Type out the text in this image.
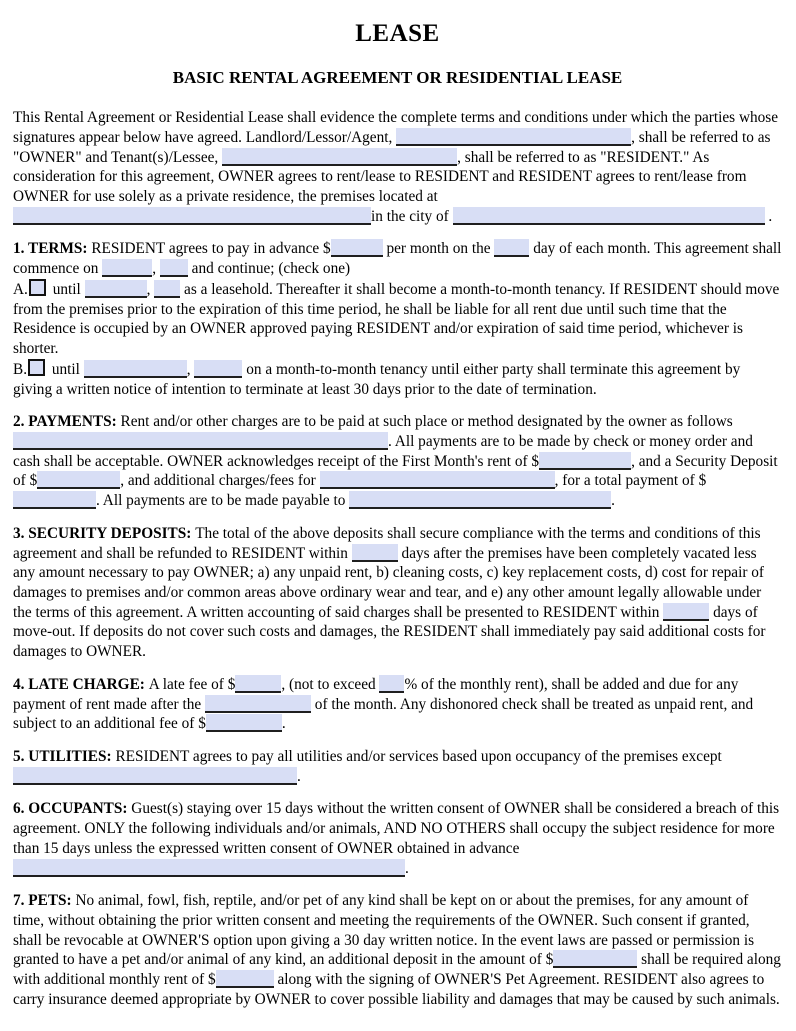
LEASE
BASIC RENTAL AGREEMENT OR RESIDENTIAL LEASE

This Rental Agreement or Residential Lease shall evidence the complete terms and conditions under which the parties whose signatures appear below have agreed. Landlord/Lessor/Agent,	, shall be referred to as "OWNER" and Tenant(s)/Lessee,	, shall be referred to as "RESIDENT." As consideration for this agreement, OWNER agrees to rent/lease to RESIDENT and RESIDENT agrees to rent/lease from OWNER for use solely as a private residence, the premises located at in the city of	.

1. TERMS: RESIDENT agrees to pay in advance $	per month on the  day of each month. This agreement shall commence on	,  and continue; (check one)
A. until	,  as a leasehold. Thereafter it shall become a month-to-month tenancy. If RESIDENT should move from the premises prior to the expiration of this time period, he shall be liable for all rent due until such time that the Residence is occupied by an OWNER approved paying RESIDENT and/or expiration of said time period, whichever is shorter.
B. until	,	on a month-to-month tenancy until either party shall terminate this agreement by giving a written notice of intention to terminate at least 30 days prior to the date of termination.

2. PAYMENTS: Rent and/or other charges are to be paid at such place or method designated by the owner as follows . All payments are to be made by check or money order and cash shall be acceptable. OWNER acknowledges receipt of the First Month's rent of $	, and a Security Deposit of $	, and additional charges/fees for	, for a total payment of $. All payments are to be made payable to	.

3. SECURITY DEPOSITS: The total of the above deposits shall secure compliance with the terms and conditions of this agreement and shall be refunded to RESIDENT within	days after the premises have been completely vacated less any amount necessary to pay OWNER; a) any unpaid rent, b) cleaning costs, c) key replacement costs, d) cost for repair of damages to premises and/or common areas above ordinary wear and tear, and e) any other amount legally allowable under the terms of this agreement. A written accounting of said charges shall be presented to RESIDENT within	days of move-out. If deposits do not cover such costs and damages, the RESIDENT shall immediately pay said additional costs for damages to OWNER.

4. LATE CHARGE: A late fee of $	, (not to exceed % of the monthly rent), shall be added and due for any payment of rent made after the	of the month. Any dishonored check shall be treated as unpaid rent, and subject to an additional fee of $	.

5. UTILITIES: RESIDENT agrees to pay all utilities and/or services based upon occupancy of the premises except .

6. OCCUPANTS: Guest(s) staying over 15 days without the written consent of OWNER shall be considered a breach of this agreement. ONLY the following individuals and/or animals, AND NO OTHERS shall occupy the subject residence for more than 15 days unless the expressed written consent of OWNER obtained in advance .

7. PETS: No animal, fowl, fish, reptile, and/or pet of any kind shall be kept on or about the premises, for any amount of time, without obtaining the prior written consent and meeting the requirements of the OWNER. Such consent if granted, shall be revocable at OWNER'S option upon giving a 30 day written notice. In the event laws are passed or permission is granted to have a pet and/or animal of any kind, an additional deposit in the amount of $	shall be required along with additional monthly rent of $	along with the signing of OWNER'S Pet Agreement. RESIDENT also agrees to carry insurance deemed appropriate by OWNER to cover possible liability and damages that may be caused by such animals.
